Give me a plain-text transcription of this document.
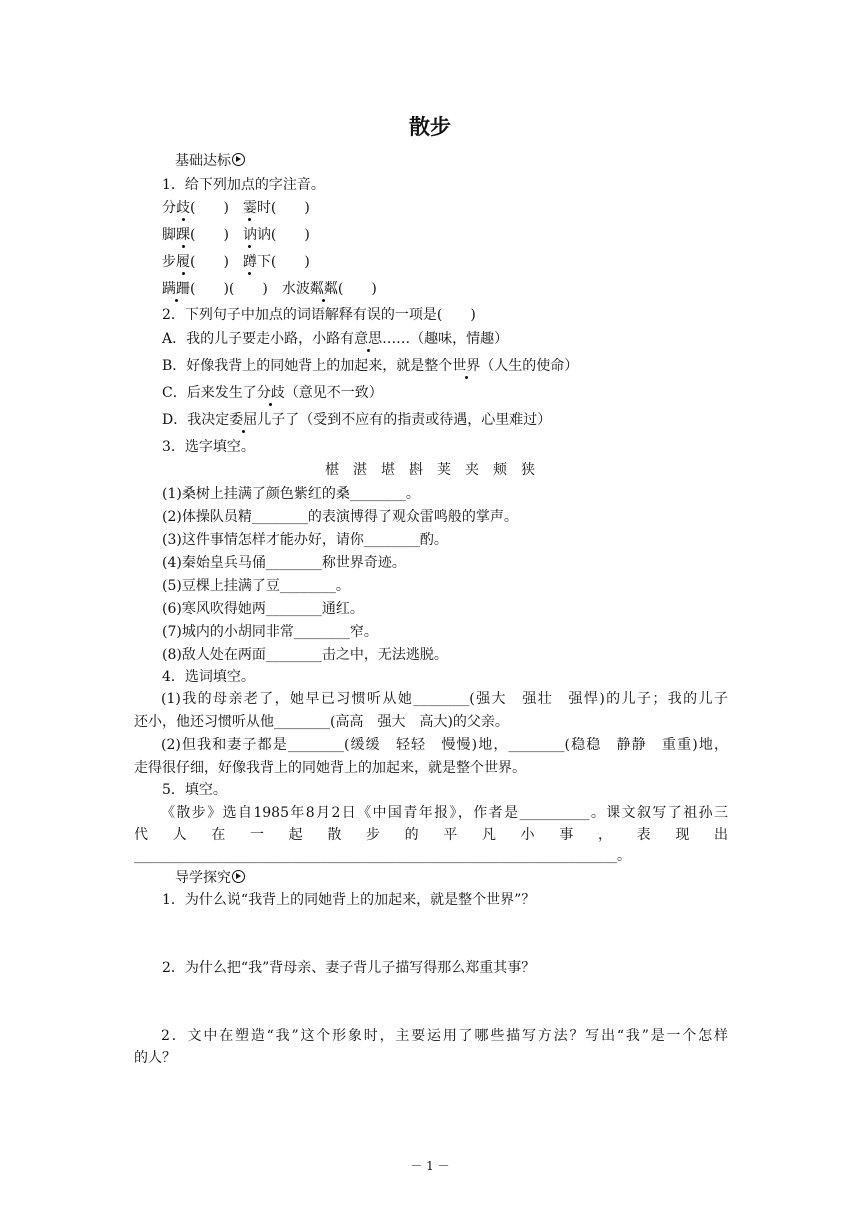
散步
基础达标
1．给下列加点的字注音。
分歧(　　)　霎时(　　)
脚踝(　　)　讷讷(　　)
步履(　　)　蹲下(　　)
蹒跚(　　)(　　)　水波粼粼(　　)
2．下列句子中加点的词语解释有误的一项是(　　)
A．我的儿子要走小路，小路有意思……（趣味，情趣）
B．好像我背上的同她背上的加起来，就是整个世界（人生的使命）
C．后来发生了分歧（意见不一致）
D．我决定委屈儿子了（受到不应有的指责或待遇，心里难过）
3．选字填空。
椹 湛 堪 斟 荚 夹 颊 狭
(1)桑树上挂满了颜色紫红的桑________。
(2)体操队员精________的表演博得了观众雷鸣般的掌声。
(3)这件事情怎样才能办好，请你________酌。
(4)秦始皇兵马俑________称世界奇迹。
(5)豆棵上挂满了豆________。
(6)寒风吹得她两________通红。
(7)城内的小胡同非常________窄。
(8)敌人处在两面________击之中，无法逃脱。
4．选词填空。
(1)我的母亲老了，她早已习惯听从她________(强大　强壮　强悍)的儿子；我的儿子
还小，他还习惯听从他________(高高　强大　高大)的父亲。
(2)但我和妻子都是________(缓缓　轻轻　慢慢)地，________(稳稳　静静　重重)地，
走得很仔细，好像我背上的同她背上的加起来，就是整个世界。
5．填空。
《散步》选自1985年8月2日《中国青年报》，作者是__________。课文叙写了祖孙三
代人在一起散步的平凡小事，表现出
______________________________________________________________________。
导学探究
1．为什么说“我背上的同她背上的加起来，就是整个世界”？
2．为什么把“我”背母亲、妻子背儿子描写得那么郑重其事？
2．文中在塑造“我”这个形象时，主要运用了哪些描写方法？写出“我”是一个怎样
的人？
－ 1 －
